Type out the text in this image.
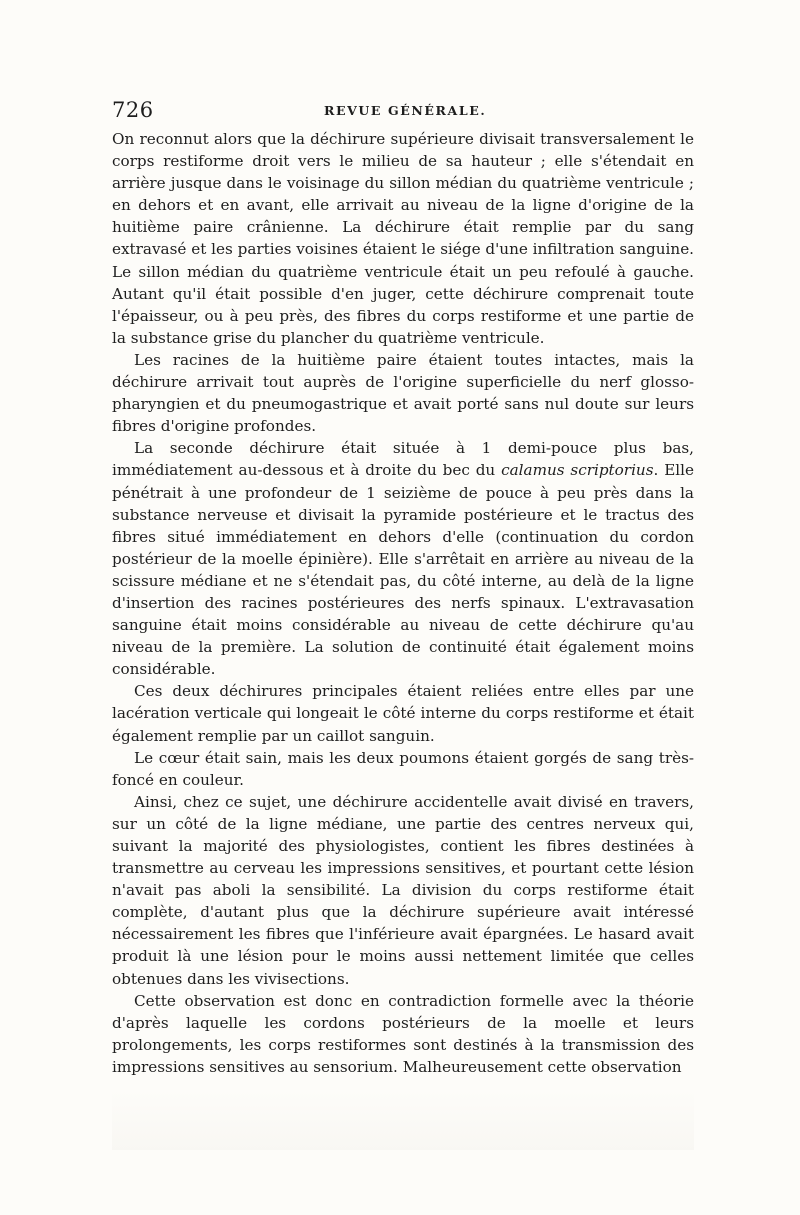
726	REVUE GÉNÉRALE.

On reconnut alors que la déchirure supérieure divisait transversalement le corps restiforme droit vers le milieu de sa hauteur ; elle s'étendait en arrière jusque dans le voisinage du sillon médian du quatrième ventricule ; en dehors et en avant, elle arrivait au niveau de la ligne d'origine de la huitième paire crânienne. La déchirure était remplie par du sang extravasé et les parties voisines étaient le siége d'une infiltration sanguine. Le sillon médian du quatrième ventricule était un peu refoulé à gauche. Autant qu'il était possible d'en juger, cette déchirure comprenait toute l'épaisseur, ou à peu près, des fibres du corps restiforme et une partie de la substance grise du plancher du quatrième ventricule.

Les racines de la huitième paire étaient toutes intactes, mais la déchirure arrivait tout auprès de l'origine superficielle du nerf glosso-pharyngien et du pneumogastrique et avait porté sans nul doute sur leurs fibres d'origine profondes.

La seconde déchirure était située à 1 demi-pouce plus bas, immédiatement au-dessous et à droite du bec du calamus scriptorius. Elle pénétrait à une profondeur de 1 seizième de pouce à peu près dans la substance nerveuse et divisait la pyramide postérieure et le tractus des fibres situé immédiatement en dehors d'elle (continuation du cordon postérieur de la moelle épinière). Elle s'arrêtait en arrière au niveau de la scissure médiane et ne s'étendait pas, du côté interne, au delà de la ligne d'insertion des racines postérieures des nerfs spinaux. L'extravasation sanguine était moins considérable au niveau de cette déchirure qu'au niveau de la première. La solution de continuité était également moins considérable.

Ces deux déchirures principales étaient reliées entre elles par une lacération verticale qui longeait le côté interne du corps restiforme et était également remplie par un caillot sanguin.

Le cœur était sain, mais les deux poumons étaient gorgés de sang très-foncé en couleur.

Ainsi, chez ce sujet, une déchirure accidentelle avait divisé en travers, sur un côté de la ligne médiane, une partie des centres nerveux qui, suivant la majorité des physiologistes, contient les fibres destinées à transmettre au cerveau les impressions sensitives, et pourtant cette lésion n'avait pas aboli la sensibilité. La division du corps restiforme était complète, d'autant plus que la déchirure supérieure avait intéressé nécessairement les fibres que l'inférieure avait épargnées. Le hasard avait produit là une lésion pour le moins aussi nettement limitée que celles obtenues dans les vivisections.

Cette observation est donc en contradiction formelle avec la théorie d'après laquelle les cordons postérieurs de la moelle et leurs prolongements, les corps restiformes sont destinés à la transmission des impressions sensitives au sensorium. Malheureusement cette observation
